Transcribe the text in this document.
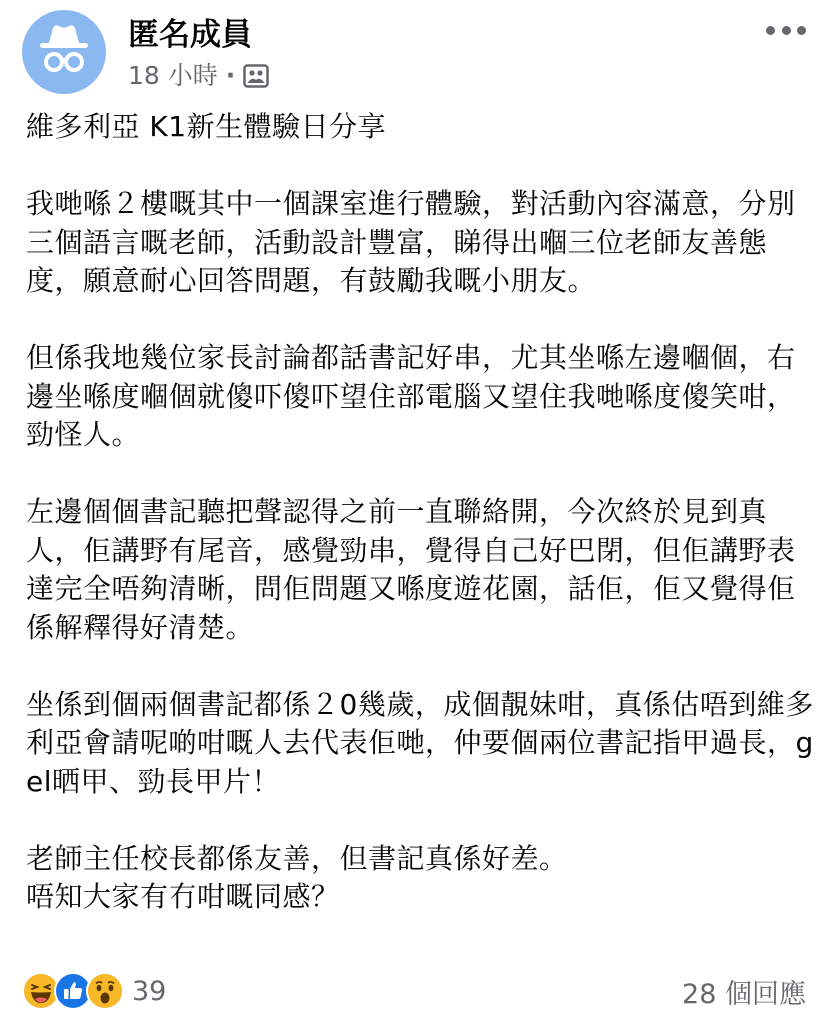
匿名成員
18 小時 ·

維多利亞 K1新生體驗日分享

我哋喺２樓嘅其中一個課室進行體驗，對活動內容滿意，分別三個語言嘅老師，活動設計豐富，睇得出嗰三位老師友善態度，願意耐心回答問題，有鼓勵我嘅小朋友。

但係我地幾位家長討論都話書記好串，尤其坐喺左邊嗰個，右邊坐喺度嗰個就傻吓傻吓望住部電腦又望住我哋喺度傻笑咁，勁怪人。

左邊個個書記聽把聲認得之前一直聯絡開，今次終於見到真人，佢講野有尾音，感覺勁串，覺得自己好巴閉，但佢講野表達完全唔夠清晰，問佢問題又喺度遊花園，話佢，佢又覺得佢係解釋得好清楚。

坐係到個兩個書記都係２0幾歲，成個靚妹咁，真係估唔到維多利亞會請呢啲咁嘅人去代表佢哋，仲要個兩位書記指甲過長，gel晒甲、勁長甲片！

老師主任校長都係友善，但書記真係好差。
唔知大家有冇咁嘅同感？

39	28 個回應
